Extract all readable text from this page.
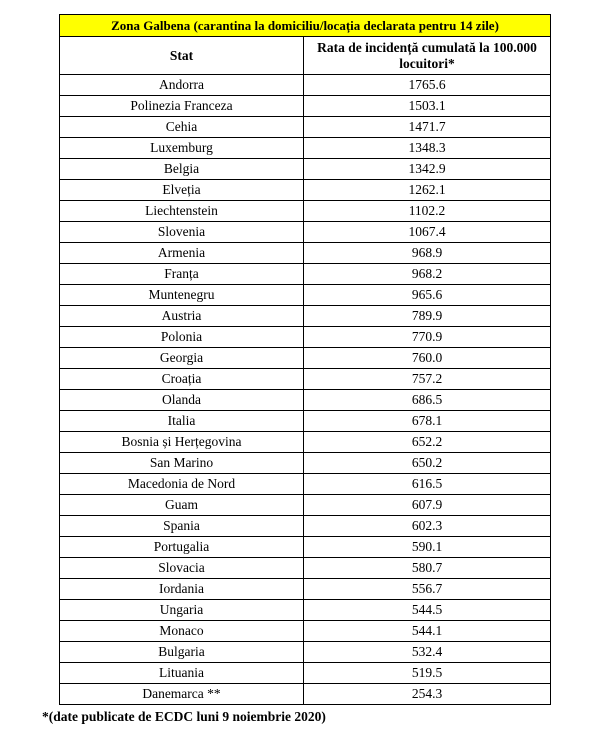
Zona Galbena (carantina la domiciliu/locația declarata pentru 14 zile)	
Stat	Rata de incidență cumulată la 100.000 locuitori*
Andorra	1765.6
Polinezia Franceza	1503.1
Cehia	1471.7
Luxemburg	1348.3
Belgia	1342.9
Elveția	1262.1
Liechtenstein	1102.2
Slovenia	1067.4
Armenia	968.9
Franța	968.2
Muntenegru	965.6
Austria	789.9
Polonia	770.9
Georgia	760.0
Croația	757.2
Olanda	686.5
Italia	678.1
Bosnia și Herțegovina	652.2
San Marino	650.2
Macedonia de Nord	616.5
Guam	607.9
Spania	602.3
Portugalia	590.1
Slovacia	580.7
Iordania	556.7
Ungaria	544.5
Monaco	544.1
Bulgaria	532.4
Lituania	519.5
Danemarca **	254.3
*(date publicate de ECDC luni 9 noiembrie 2020)
